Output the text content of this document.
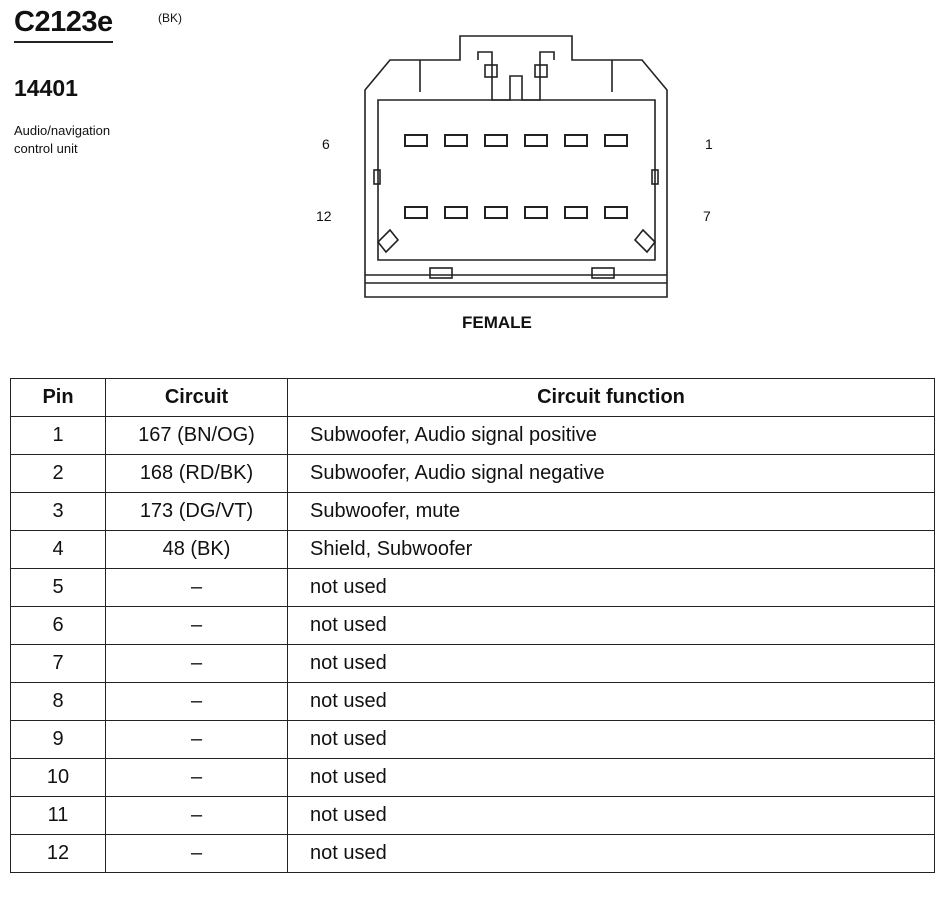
C2123e	(BK)
14401
Audio/navigation
control unit	6	1
12	7
FEMALE
Pin	Circuit	Circuit function
1	167 (BN/OG)	Subwoofer, Audio signal positive
2	168 (RD/BK)	Subwoofer, Audio signal negative
3	173 (DG/VT)	Subwoofer, mute
4	48 (BK)	Shield, Subwoofer
5	–	not used
6	–	not used
7	–	not used
8	–	not used
9	–	not used
10	–	not used
11	–	not used
12	–	not used
